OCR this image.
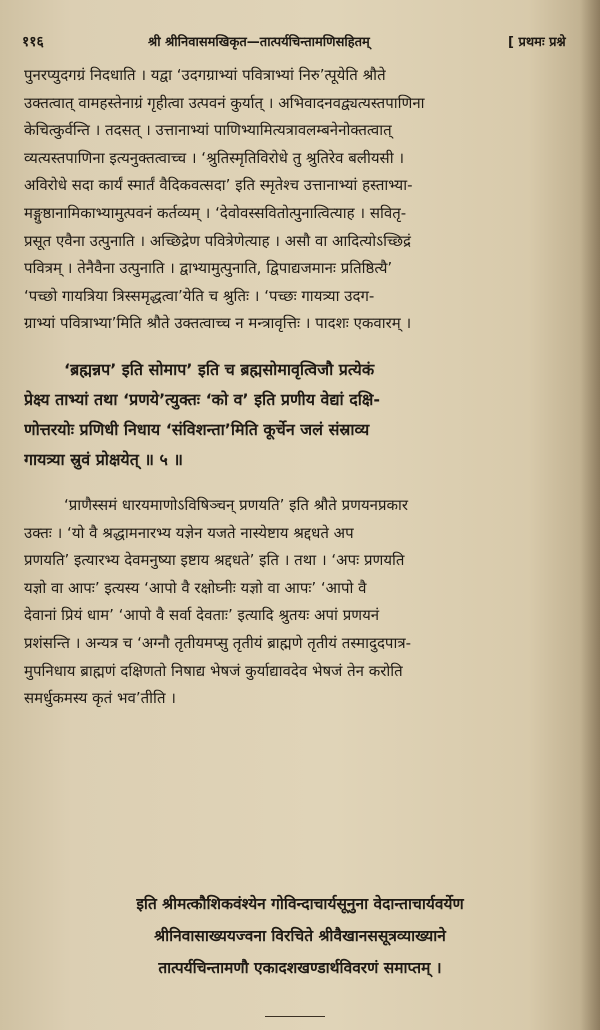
११६	श्री श्रीनिवासमखिकृत—तात्पर्यचिन्तामणिसहितम्	[ प्रथमः प्रश्ने
पुनरप्युदगग्रं निदधाति । यद्वा ‘उदगग्राभ्यां पवित्राभ्यां निरु’त्पूयेति श्रौते
उक्तत्वात् वामहस्तेनाग्रं गृहीत्वा उत्पवनं कुर्यात् । अभिवादनवद्व्यत्यस्तपाणिना
केचित्कुर्वन्ति । तदसत् । उत्तानाभ्यां पाणिभ्यामित्यत्रावलम्बनेनोक्तत्वात्
व्यत्यस्तपाणिना इत्यनुक्तत्वाच्च । ‘श्रुतिस्मृतिविरोधे तु श्रुतिरेव बलीयसी ।
अविरोधे सदा कार्यं स्मार्तं वैदिकवत्सदा’ इति स्मृतेश्च उत्तानाभ्यां हस्ताभ्या-
मङ्गुष्ठानामिकाभ्यामुत्पवनं कर्तव्यम् । ‘देवोवस्सवितोत्पुनात्वित्याह । सवितृ-
प्रसूत एवैना उत्पुनाति । अच्छिद्रेण पवित्रेणेत्याह । असौ वा आदित्योऽच्छिद्रं
पवित्रम् । तेनैवैना उत्पुनाति । द्वाभ्यामुत्पुनाति, द्विपाद्यजमानः प्रतिष्ठित्यै’
‘पच्छो गायत्रिया त्रिस्समृद्धत्वा’येति च श्रुतिः । ‘पच्छः गायत्र्या उदग-
ग्राभ्यां पवित्राभ्या’मिति श्रौते उक्तत्वाच्च न मन्त्रावृत्तिः । पादशः एकवारम् ।
‘ब्रह्मन्नप’ इति सोमाप’ इति च ब्रह्मसोमावृत्विजौ प्रत्येकं
प्रेक्ष्य ताभ्यां तथा ‘प्रणये’त्युक्तः ‘को व’ इति प्रणीय वेद्यां दक्षि-
णोत्तरयोः प्रणिधी निधाय ‘संविशन्ता’मिति कूर्चेन जलं संस्राव्य
गायत्र्या स्रुवं प्रोक्षयेत् ॥ ५ ॥
‘प्राणैस्समं धारयमाणोऽविषिञ्चन् प्रणयति’ इति श्रौते प्रणयनप्रकार
उक्तः । ‘यो वै श्रद्धामनारभ्य यज्ञेन यजते नास्येष्टाय श्रद्दधते अप
प्रणयति’ इत्यारभ्य देवमनुष्या इष्टाय श्रद्दधते’ इति । तथा । ‘अपः प्रणयति
यज्ञो वा आपः’ इत्यस्य ‘आपो वै रक्षोघ्नीः यज्ञो वा आपः’ ‘आपो वै
देवानां प्रियं धाम’ ‘आपो वै सर्वा देवताः’ इत्यादि श्रुतयः अपां प्रणयनं
प्रशंसन्ति । अन्यत्र च ‘अग्नौ तृतीयमप्सु तृतीयं ब्राह्मणे तृतीयं तस्मादुदपात्र-
मुपनिधाय ब्राह्मणं दक्षिणतो निषाद्य भेषजं कुर्याद्यावदेव भेषजं तेन करोति
समर्धुकमस्य कृतं भव’तीति ।
इति श्रीमत्कौशिकवंश्येन गोविन्दाचार्यसूनुना वेदान्ताचार्यवर्येण
श्रीनिवासाख्ययज्वना विरचिते श्रीवैखानससूत्रव्याख्याने
तात्पर्यचिन्तामणौ एकादशखण्डार्थविवरणं समाप्तम् ।
